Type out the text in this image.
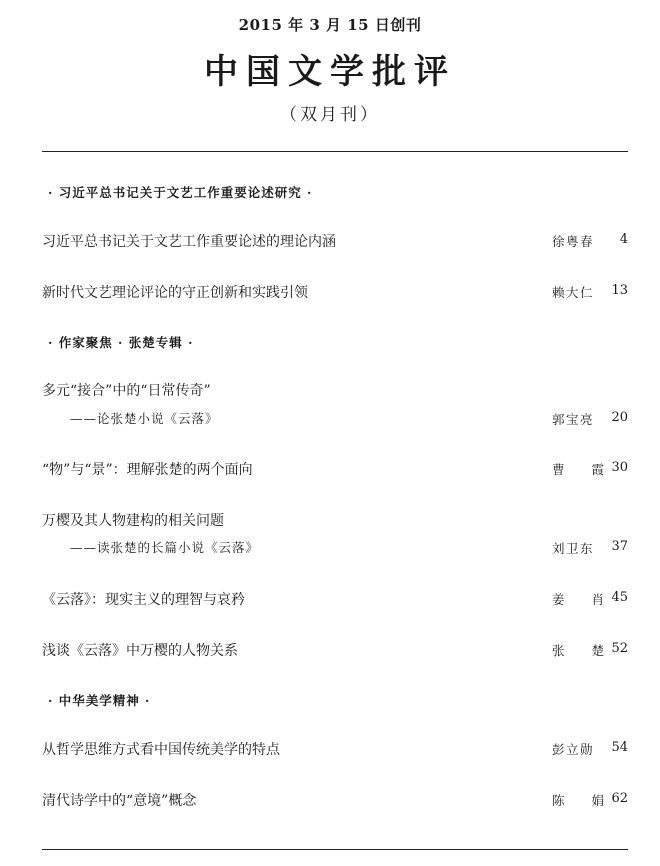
2015 年 3 月 15 日创刊
中国文学批评
（双月刊）
· 习近平总书记关于文艺工作重要论述研究 ·
习近平总书记关于文艺工作重要论述的理论内涵	徐粤春	4
新时代文艺理论评论的守正创新和实践引领	赖大仁	13
· 作家聚焦 · 张楚专辑 ·
多元“接合”中的“日常传奇”
——论张楚小说《云落》	郭宝亮	20
“物”与“景”：理解张楚的两个面向	曹　霞 30
万樱及其人物建构的相关问题
——读张楚的长篇小说《云落》	刘卫东	37
《云落》：现实主义的理智与哀矜	姜　肖 45
浅谈《云落》中万樱的人物关系	张　楚 52
· 中华美学精神 ·
从哲学思维方式看中国传统美学的特点	彭立勋	54
清代诗学中的“意境”概念	陈　娟 62
